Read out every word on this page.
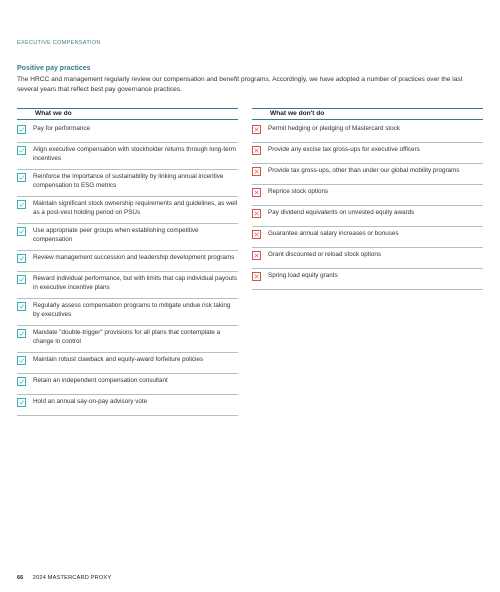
EXECUTIVE COMPENSATION
Positive pay practices
The HRCC and management regularly review our compensation and benefit programs. Accordingly, we have adopted a number of practices over the last several years that reflect best pay governance practices.
What we do
Pay for performance
Align executive compensation with stockholder returns through long-term incentives
Reinforce the importance of sustainability by linking annual incentive compensation to ESG metrics
Maintain significant stock ownership requirements and guidelines, as well as a post-vest holding period on PSUs
Use appropriate peer groups when establishing competitive compensation
Review management succession and leadership development programs
Reward individual performance, but with limits that cap individual payouts in executive incentive plans
Regularly assess compensation programs to mitigate undue risk taking by executives
Mandate "double-trigger" provisions for all plans that contemplate a change in control
Maintain robust clawback and equity-award forfeiture policies
Retain an independent compensation consultant
Hold an annual say-on-pay advisory vote
What we don't do
Permit hedging or pledging of Mastercard stock
Provide any excise tax gross-ups for executive officers
Provide tax gross-ups, other than under our global mobility programs
Reprice stock options
Pay dividend equivalents on unvested equity awards
Guarantee annual salary increases or bonuses
Grant discounted or reload stock options
Spring load equity grants
66 2024 MASTERCARD PROXY
